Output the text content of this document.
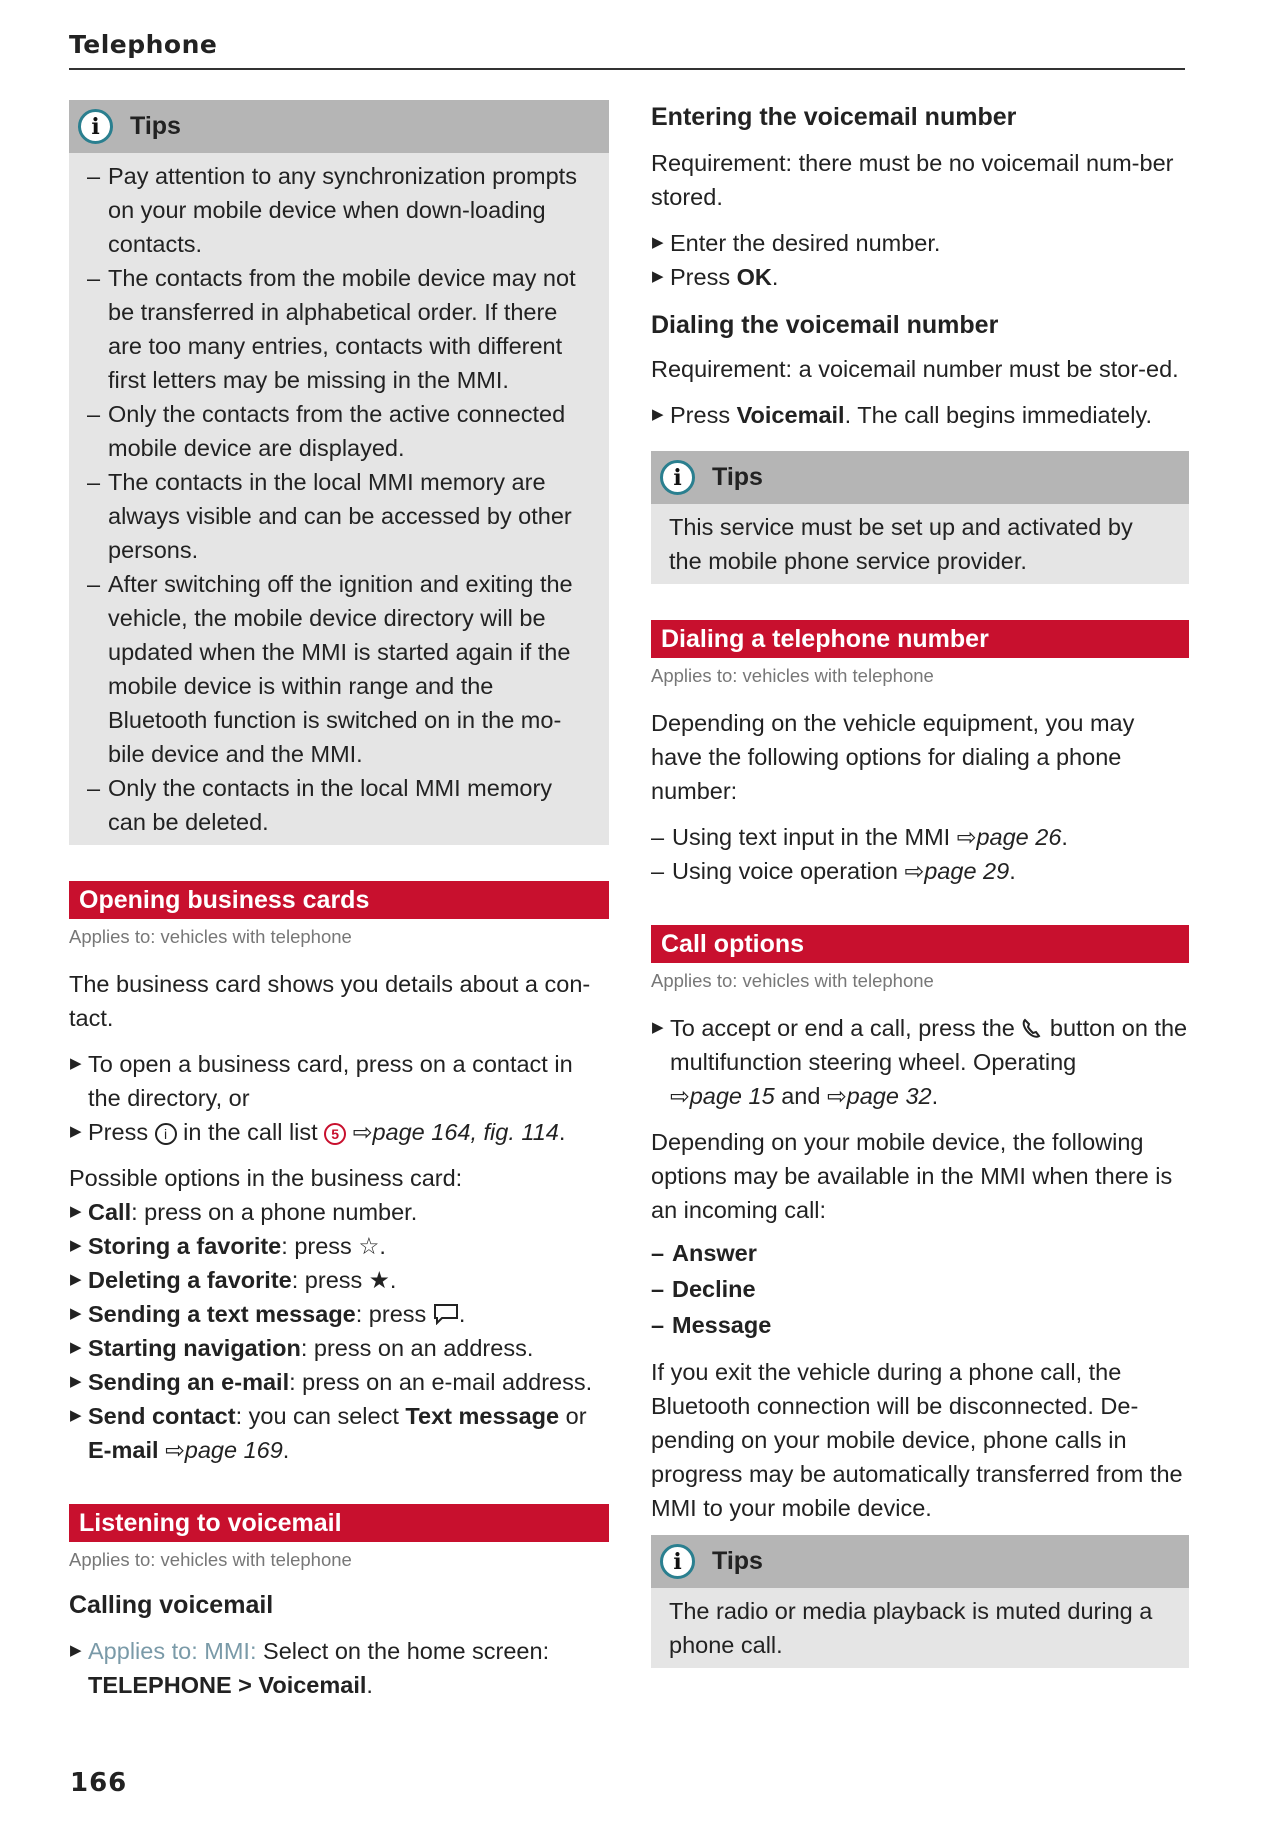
Telephone
i	Tips
– Pay attention to any synchronization prompts on your mobile device when down-loading contacts.
– The contacts from the mobile device may not be transferred in alphabetical order. If there are too many entries, contacts with different first letters may be missing in the MMI.
– Only the contacts from the active connected mobile device are displayed.
– The contacts in the local MMI memory are always visible and can be accessed by other persons.
– After switching off the ignition and exiting the vehicle, the mobile device directory will be updated when the MMI is started again if the mobile device is within range and the Bluetooth function is switched on in the mo-bile device and the MMI.
– Only the contacts in the local MMI memory can be deleted.
Opening business cards
Applies to: vehicles with telephone

The business card shows you details about a con-tact.

▶ To open a business card, press on a contact in the directory, or
▶ Press i in the call list 5 ⇨page 164, fig. 114.

Possible options in the business card:

▶ Call: press on a phone number.
▶ Storing a favorite: press ☆.
▶ Deleting a favorite: press ★.
▶ Sending a text message: press .
▶ Starting navigation: press on an address.
▶ Sending an e-mail: press on an e-mail address.
▶ Send contact: you can select Text message or E-mail ⇨page 169.
Listening to voicemail
Applies to: vehicles with telephone
Calling voicemail
▶ Applies to: MMI: Select on the home screen:
TELEPHONE > Voicemail.
Entering the voicemail number

Requirement: there must be no voicemail num-ber stored.

▶ Enter the desired number.
▶ Press OK.
Dialing the voicemail number

Requirement: a voicemail number must be stor-ed.

▶ Press Voicemail. The call begins immediately.
i	Tips

This service must be set up and activated by the mobile phone service provider.

Dialing a telephone number
Applies to: vehicles with telephone

Depending on the vehicle equipment, you may have the following options for dialing a phone number:

– Using text input in the MMI ⇨page 26.
– Using voice operation ⇨page 29.
Call options
Applies to: vehicles with telephone
▶ To accept or end a call, press the button on the multifunction steering wheel. Operating
⇨page 15 and ⇨page 32.

Depending on your mobile device, the following options may be available in the MMI when there is an incoming call:

– Answer
– Decline
– Message

If you exit the vehicle during a phone call, the Bluetooth connection will be disconnected. De-pending on your mobile device, phone calls in progress may be automatically transferred from the MMI to your mobile device.

i	Tips

The radio or media playback is muted during a phone call.

166
